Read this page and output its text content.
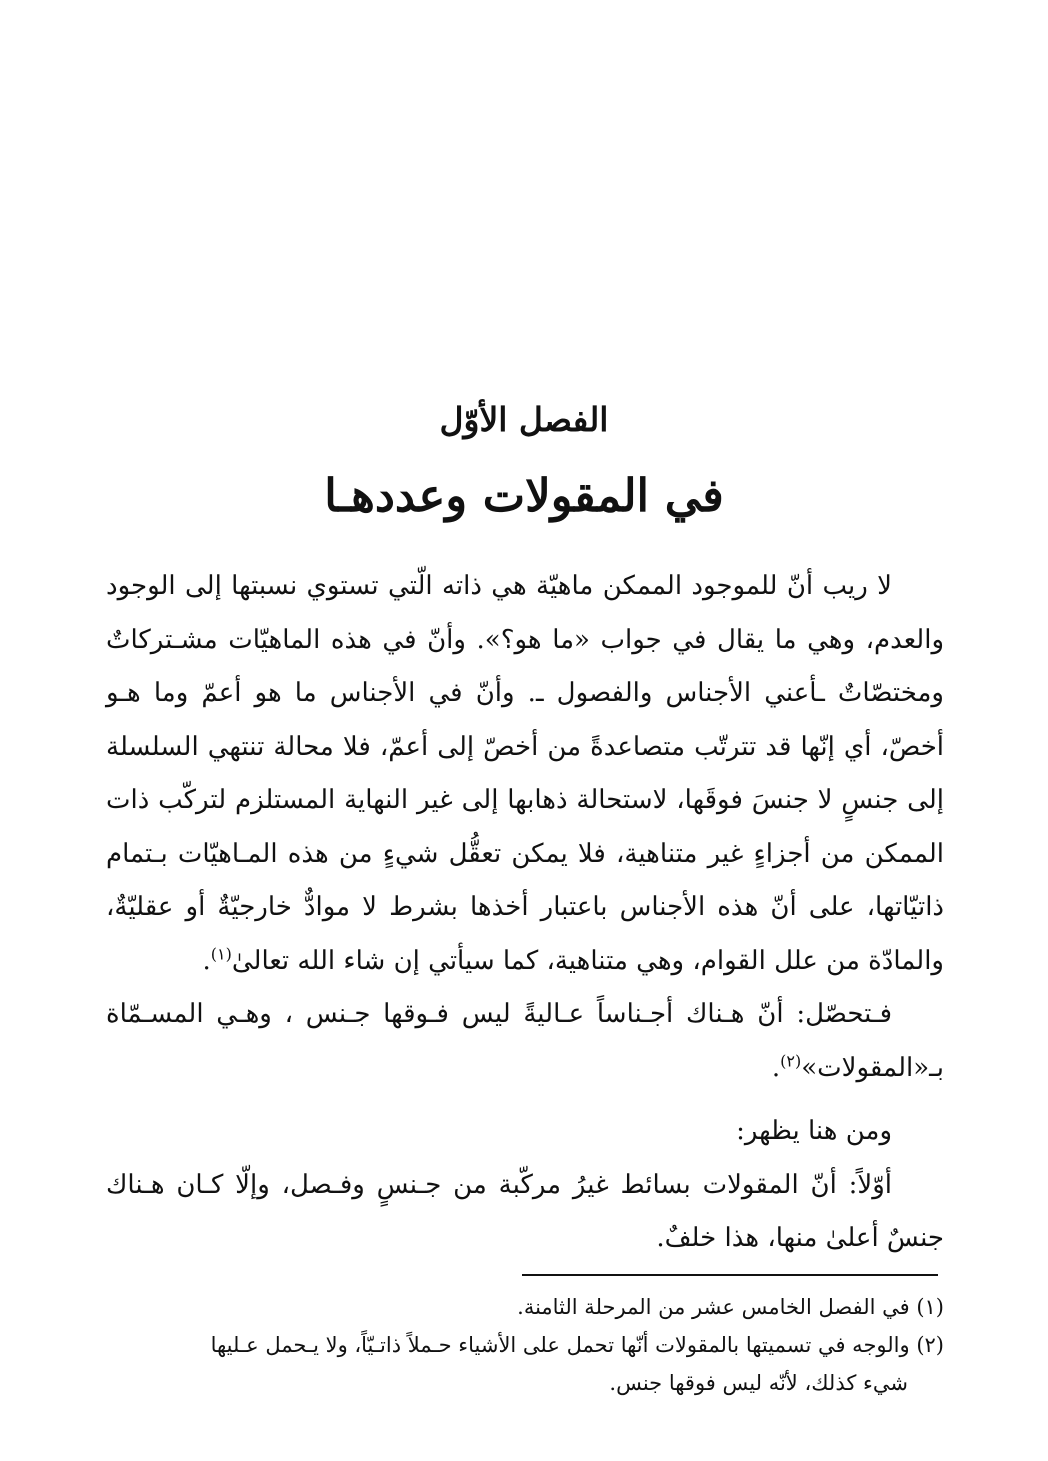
الفصل الأوّل
في المقولات وعددهـا

لا ريب أنّ للموجود الممكن ماهيّة هي ذاته الّتي تستوي نسبتها إلى الوجود والعدم، وهي ما يقال في جواب «ما هو؟». وأنّ في هذه الماهيّات مشـتركاتٌ ومختصّاتٌ ـأعني الأجناس والفصول ـ. وأنّ في الأجناس ما هو أعمّ وما هـو أخصّ، أي إنّها قد تترتّب متصاعدةً من أخصّ إلى أعمّ، فلا محالة تنتهي السلسلة إلى جنسٍ لا جنسَ فوقَها، لاستحالة ذهابها إلى غير النهاية المستلزم لتركّب ذات الممكن من أجزاءٍ غير متناهية، فلا يمكن تعقُّل شيءٍ من هذه المـاهيّات بـتمام ذاتيّاتها، على أنّ هذه الأجناس باعتبار أخذها بشرط لا موادٌّ خارجيّةٌ أو عقليّةٌ، والمادّة من علل القوام، وهي متناهية، كما سيأتي إن شاء الله تعالىٰ$^{(١)}$.

فـتحصّل: أنّ هـناك أجـناساً عـاليةً ليس فـوقها جـنس ، وهـي المسـمّاة بـ«المقولات»$^{(٢)}$.

ومن هنا يظهر:

أوّلاً: أنّ المقولات بسائط غيرُ مركّبة من جـنسٍ وفـصل، وإلّا كـان هـناك جنسٌ أعلىٰ منها، هذا خلفٌ.

(١) في الفصل الخامس عشر من المرحلة الثامنة.

(٢) والوجه في تسميتها بالمقولات أنّها تحمل على الأشياء حـملاً ذاتـيّاً، ولا يـحمل عـليها

شيء كذلك، لأنّه ليس فوقها جنس.
